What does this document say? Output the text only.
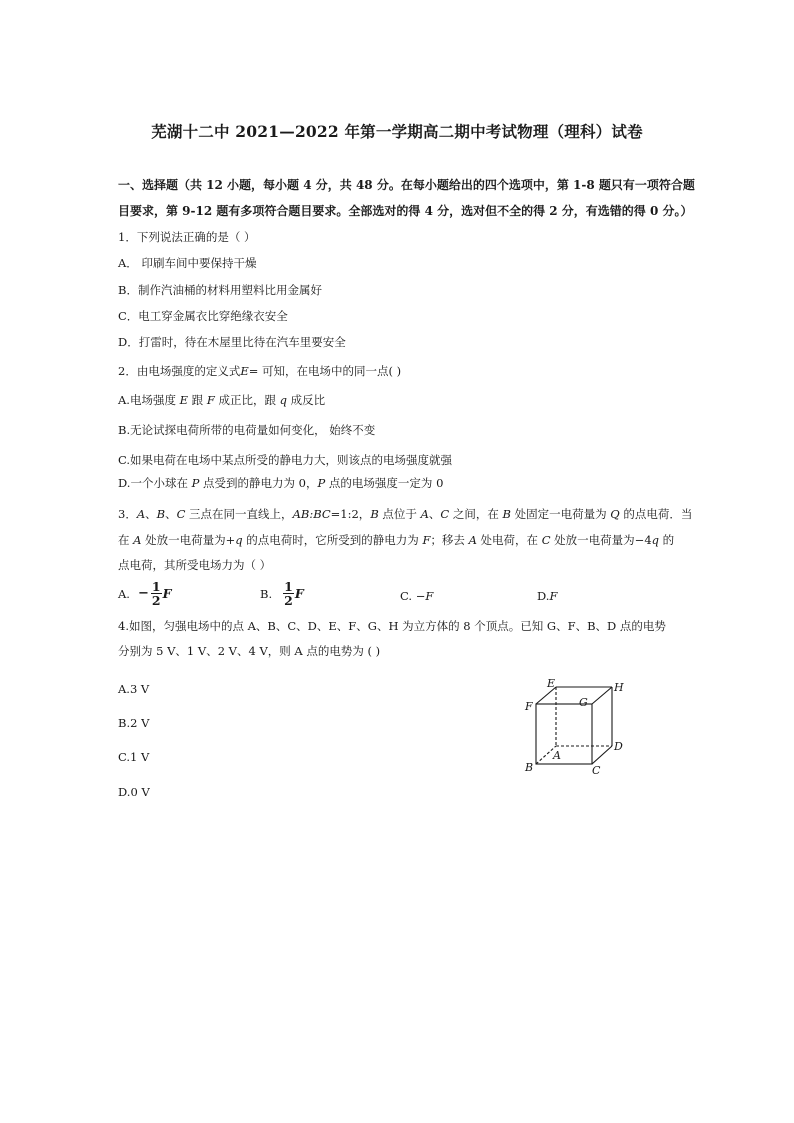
芜湖十二中 2021—2022 年第一学期高二期中考试物理（理科）试卷
一、选择题（共 12 小题，每小题 4 分，共 48 分。在每小题给出的四个选项中，第 1-8 题只有一项符合题
目要求，第 9-12 题有多项符合题目要求。全部选对的得 4 分，选对但不全的得 2 分，有选错的得 0 分。）
1．下列说法正确的是（ ）
A． 印刷车间中要保持干燥
B．制作汽油桶的材料用塑料比用金属好
C．电工穿金属衣比穿绝缘衣安全
D．打雷时，待在木屋里比待在汽车里要安全
2．由电场强度的定义式E= 可知，在电场中的同一点( )
A.电场强度 E 跟 F 成正比，跟 q 成反比
B.无论试探电荷所带的电荷量如何变化， 始终不变
C.如果电荷在电场中某点所受的静电力大，则该点的电场强度就强
D.一个小球在 P 点受到的静电力为 0，P 点的电场强度一定为 0
3．A、B、C 三点在同一直线上，AB:BC=1:2，B 点位于 A、C 之间，在 B 处固定一电荷量为 Q 的点电荷．当
在 A 处放一电荷量为+q 的点电荷时，它所受到的静电力为 F；移去 A 处电荷，在 C 处放一电荷量为−4q 的
点电荷，其所受电场力为（ ）
A. − $\frac{1}{2}$ F	B. $\frac{1}{2}$ F	C. − F	D. F
4.如图，匀强电场中的点 A、B、C、D、E、F、G、H 为立方体的 8 个顶点。已知 G、F、B、D 点的电势
分别为 5 V、1 V、2 V、4 V，则 A 点的电势为 ( )
A.3 V
B.2 V
C.1 V
D.0 V
E	H
F	G
A
D
B	C
